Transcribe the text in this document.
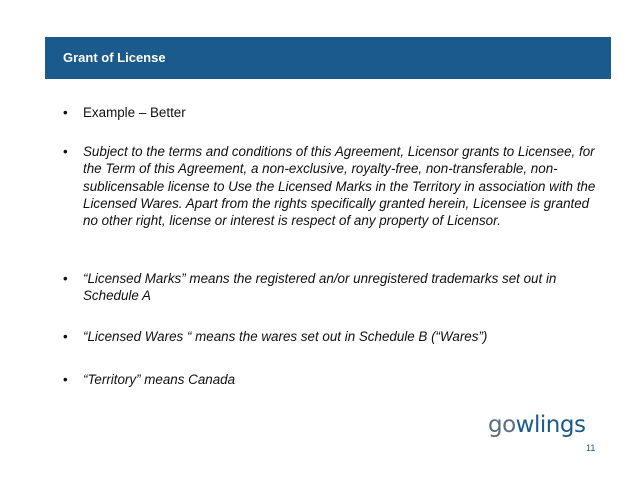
Grant of License
• Example – Better
• Subject to the terms and conditions of this Agreement, Licensor grants to Licensee, for the Term of this Agreement, a non-exclusive, royalty-free, non-transferable, non-sublicensable license to Use the Licensed Marks in the Territory in association with the Licensed Wares. Apart from the rights specifically granted herein, Licensee is granted no other right, license or interest is respect of any property of Licensor.
• “Licensed Marks” means the registered an/or unregistered trademarks set out in Schedule A
• “Licensed Wares “ means the wares set out in Schedule B (“Wares”)
• “Territory” means Canada
gowlings
11
